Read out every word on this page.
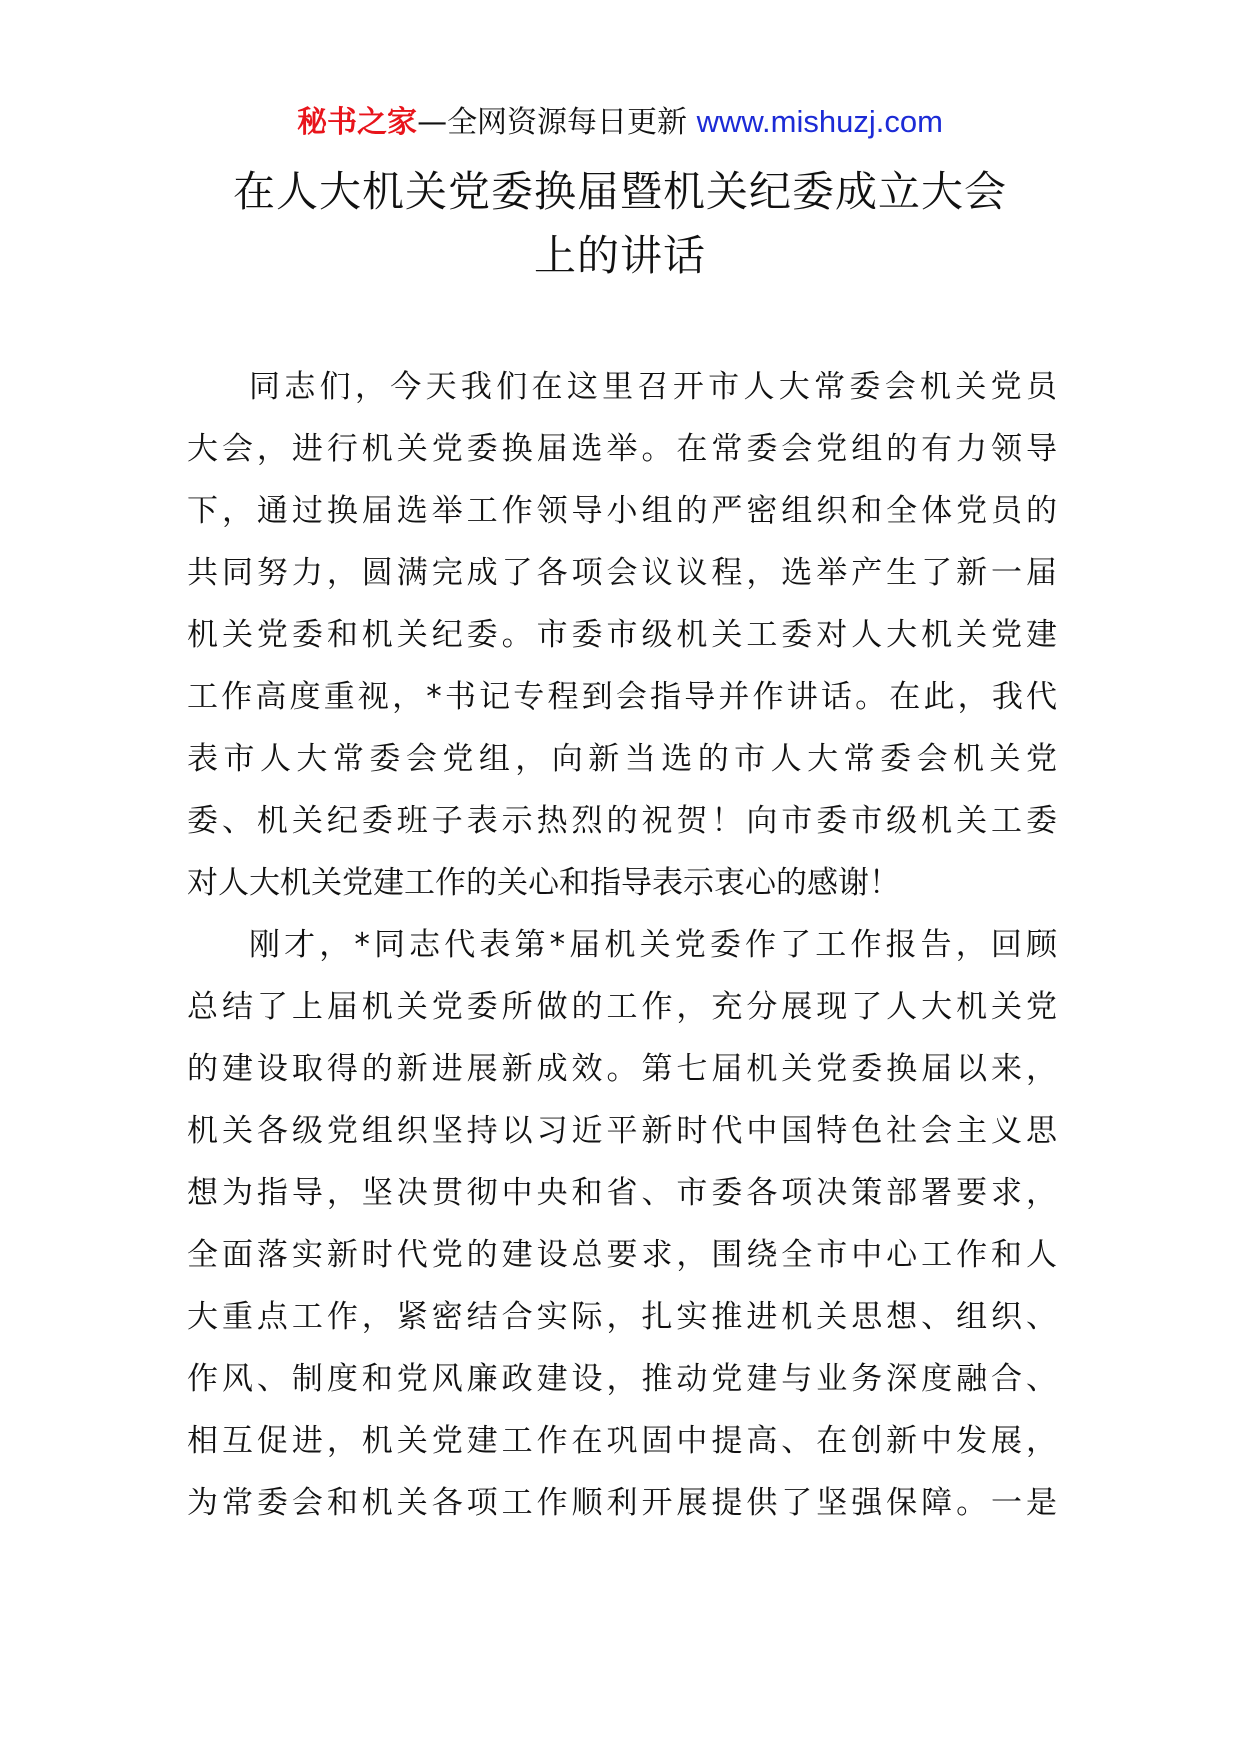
秘书之家—全网资源每日更新 www.mishuzj.com
在人大机关党委换届暨机关纪委成立大会
上的讲话

同志们，今天我们在这里召开市人大常委会机关党员
大会，进行机关党委换届选举。在常委会党组的有力领导
下，通过换届选举工作领导小组的严密组织和全体党员的
共同努力，圆满完成了各项会议议程，选举产生了新一届
机关党委和机关纪委。市委市级机关工委对人大机关党建
工作高度重视，*书记专程到会指导并作讲话。在此，我代
表市人大常委会党组，向新当选的市人大常委会机关党
委、机关纪委班子表示热烈的祝贺！向市委市级机关工委
对人大机关党建工作的关心和指导表示衷心的感谢！

刚才，*同志代表第*届机关党委作了工作报告，回顾
总结了上届机关党委所做的工作，充分展现了人大机关党
的建设取得的新进展新成效。第七届机关党委换届以来，
机关各级党组织坚持以习近平新时代中国特色社会主义思
想为指导，坚决贯彻中央和省、市委各项决策部署要求，
全面落实新时代党的建设总要求，围绕全市中心工作和人
大重点工作，紧密结合实际，扎实推进机关思想、组织、
作风、制度和党风廉政建设，推动党建与业务深度融合、
相互促进，机关党建工作在巩固中提高、在创新中发展，
为常委会和机关各项工作顺利开展提供了坚强保障。一是
